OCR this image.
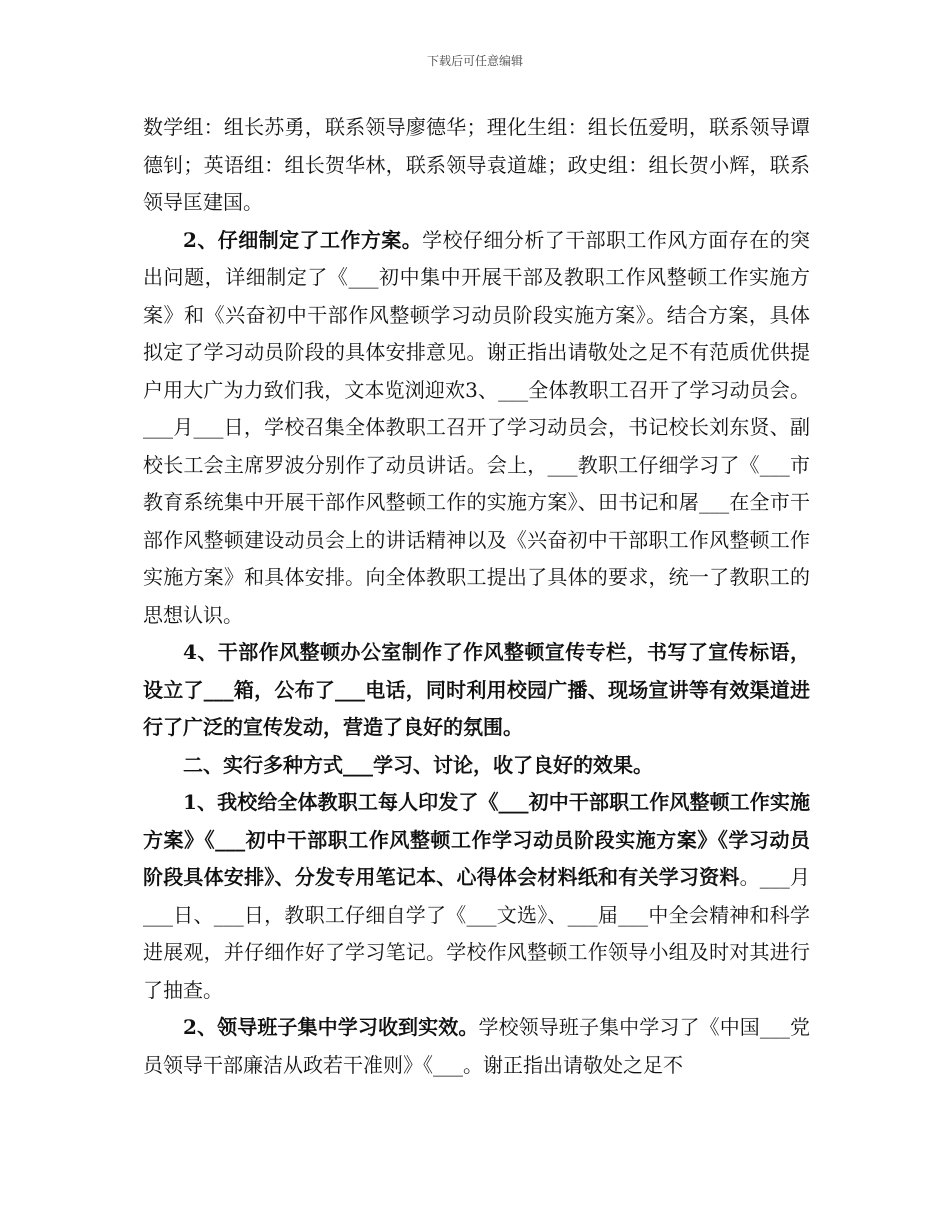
下载后可任意编辑

数学组：组长苏勇，联系领导廖德华；理化生组：组长伍爱明，联系领导谭德钊；英语组：组长贺华林，联系领导袁道雄；政史组：组长贺小辉，联系领导匡建国。

2、仔细制定了工作方案。学校仔细分析了干部职工作风方面存在的突出问题，详细制定了《___初中集中开展干部及教职工作风整顿工作实施方案》和《兴奋初中干部作风整顿学习动员阶段实施方案》。结合方案，具体拟定了学习动员阶段的具体安排意见。谢正指出请敬处之足不有范质优供提户用大广为力致们我，文本览浏迎欢3、___全体教职工召开了学习动员会。___月___日，学校召集全体教职工召开了学习动员会，书记校长刘东贤、副校长工会主席罗波分别作了动员讲话。会上，___教职工仔细学习了《___市教育系统集中开展干部作风整顿工作的实施方案》、田书记和屠___在全市干部作风整顿建设动员会上的讲话精神以及《兴奋初中干部职工作风整顿工作实施方案》和具体安排。向全体教职工提出了具体的要求，统一了教职工的思想认识。

4、干部作风整顿办公室制作了作风整顿宣传专栏，书写了宣传标语，设立了___箱，公布了___电话，同时利用校园广播、现场宣讲等有效渠道进行了广泛的宣传发动，营造了良好的氛围。

二、实行多种方式___学习、讨论，收了良好的效果。

1、我校给全体教职工每人印发了《___初中干部职工作风整顿工作实施方案》《___初中干部职工作风整顿工作学习动员阶段实施方案》《学习动员阶段具体安排》、分发专用笔记本、心得体会材料纸和有关学习资料。___月___日、___日，教职工仔细自学了《___文选》、___届___中全会精神和科学进展观，并仔细作好了学习笔记。学校作风整顿工作领导小组及时对其进行了抽查。

2、领导班子集中学习收到实效。学校领导班子集中学习了《中国___党员领导干部廉洁从政若干准则》《___。谢正指出请敬处之足不
